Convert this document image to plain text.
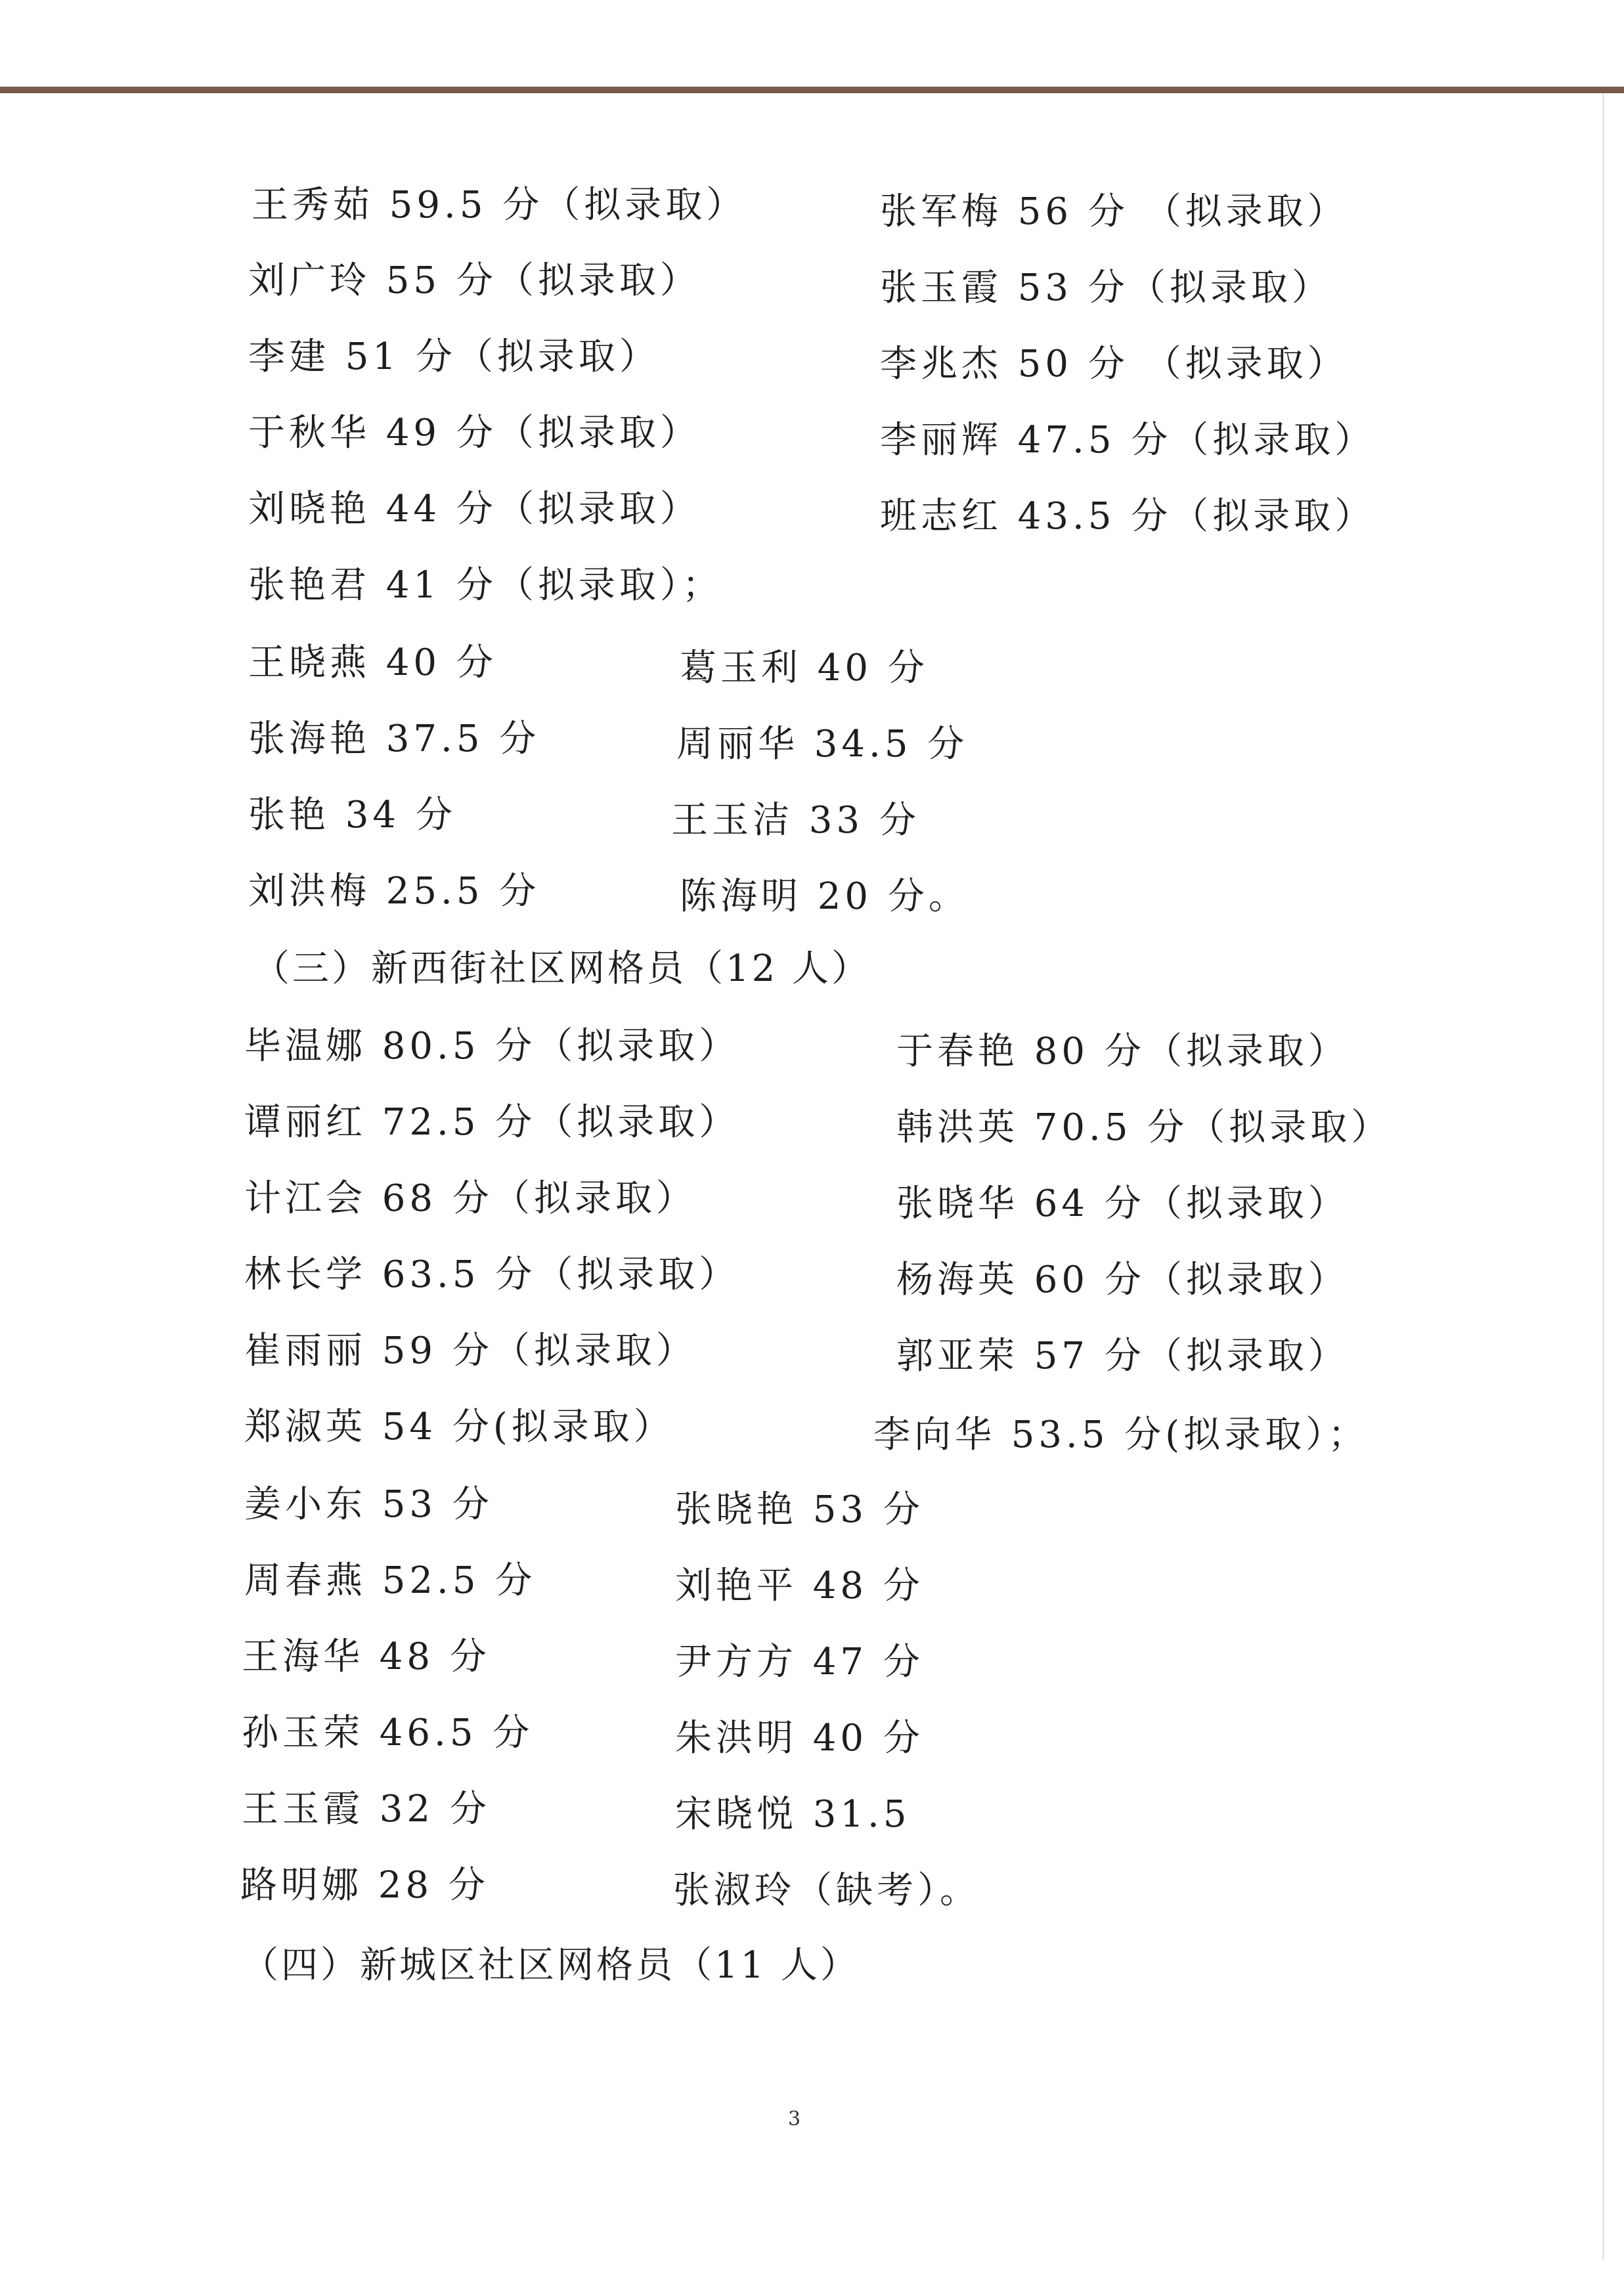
王秀茹 59.5 分（拟录取）	张军梅 56 分 （拟录取）
刘广玲 55 分（拟录取）	张玉霞 53 分（拟录取）
李建 51 分（拟录取）	李兆杰 50 分 （拟录取）
于秋华 49 分（拟录取）	李丽辉 47.5 分（拟录取）
刘晓艳 44 分（拟录取）	班志红 43.5 分（拟录取）
张艳君 41 分（拟录取）；
王晓燕 40 分	葛玉利 40 分
张海艳 37.5 分	周丽华 34.5 分
张艳 34 分	王玉洁 33 分
刘洪梅 25.5 分	陈海明 20 分。
（三）新西街社区网格员（12 人）
毕温娜 80.5 分（拟录取）	于春艳 80 分（拟录取）
谭丽红 72.5 分（拟录取）	韩洪英 70.5 分（拟录取）
计江会 68 分（拟录取）	张晓华 64 分（拟录取）
林长学 63.5 分（拟录取）	杨海英 60 分（拟录取）
崔雨丽 59 分（拟录取）	郭亚荣 57 分（拟录取）
郑淑英 54 分(拟录取）	李向华 53.5 分(拟录取）；
姜小东 53 分	张晓艳 53 分
周春燕 52.5 分	刘艳平 48 分
王海华 48 分	尹方方 47 分
孙玉荣 46.5 分	朱洪明 40 分
王玉霞 32 分	宋晓悦 31.5
路明娜 28 分	张淑玲（缺考）。
（四）新城区社区网格员（11 人）
3
